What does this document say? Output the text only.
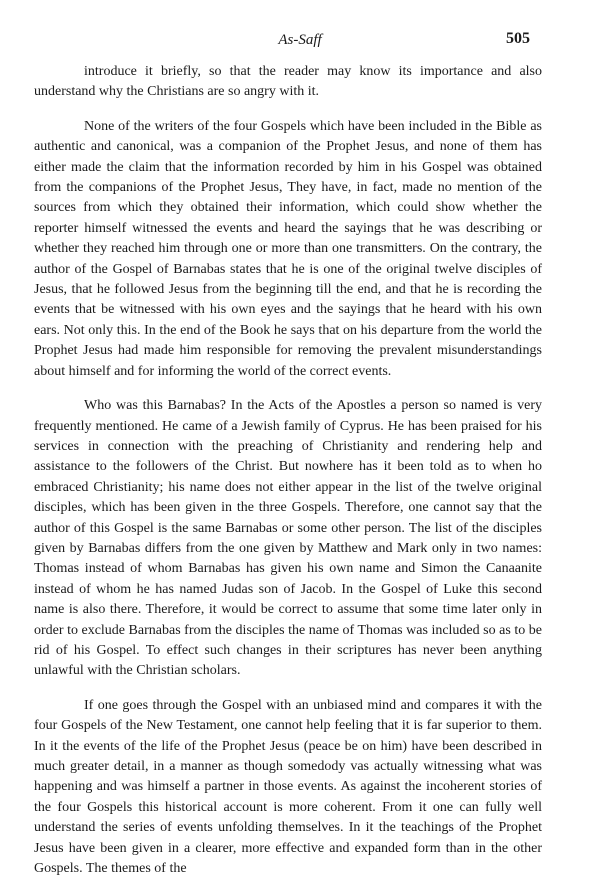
As-Saff	505

introduce it briefly, so that the reader may know its importance and also understand why the Christians are so angry with it.

None of the writers of the four Gospels which have been included in the Bible as authentic and canonical, was a companion of the Prophet Jesus, and none of them has either made the claim that the information recorded by him in his Gospel was obtained from the companions of the Prophet Jesus, They have, in fact, made no mention of the sources from which they obtained their information, which could show whether the reporter himself witnessed the events and heard the sayings that he was describing or whether they reached him through one or more than one transmitters. On the contrary, the author of the Gospel of Barnabas states that he is one of the original twelve disciples of Jesus, that he followed Jesus from the beginning till the end, and that he is recording the events that be witnessed with his own eyes and the sayings that he heard with his own ears. Not only this. In the end of the Book he says that on his departure from the world the Prophet Jesus had made him responsible for removing the prevalent misunderstandings about himself and for informing the world of the correct events.

Who was this Barnabas? In the Acts of the Apostles a person so named is very frequently mentioned. He came of a Jewish family of Cyprus. He has been praised for his services in connection with the preaching of Christianity and rendering help and assistance to the followers of the Christ. But nowhere has it been told as to when ho embraced Christianity; his name does not either appear in the list of the twelve original disciples, which has been given in the three Gospels. Therefore, one cannot say that the author of this Gospel is the same Barnabas or some other person. The list of the disciples given by Barnabas differs from the one given by Matthew and Mark only in two names: Thomas instead of whom Barnabas has given his own name and Simon the Canaanite instead of whom he has named Judas son of Jacob. In the Gospel of Luke this second name is also there. Therefore, it would be correct to assume that some time later only in order to exclude Barnabas from the disciples the name of Thomas was included so as to be rid of his Gospel. To effect such changes in their scriptures has never been anything unlawful with the Christian scholars.

If one goes through the Gospel with an unbiased mind and compares it with the four Gospels of the New Testament, one cannot help feeling that it is far superior to them. In it the events of the life of the Prophet Jesus (peace be on him) have been described in much greater detail, in a manner as though somedody vas actually witnessing what was happening and was himself a partner in those events. As against the incoherent stories of the four Gospels this historical account is more coherent. From it one can fully well understand the series of events unfolding themselves. In it the teachings of the Prophet Jesus have been given in a clearer, more effective and expanded form than in the other Gospels. The themes of the
